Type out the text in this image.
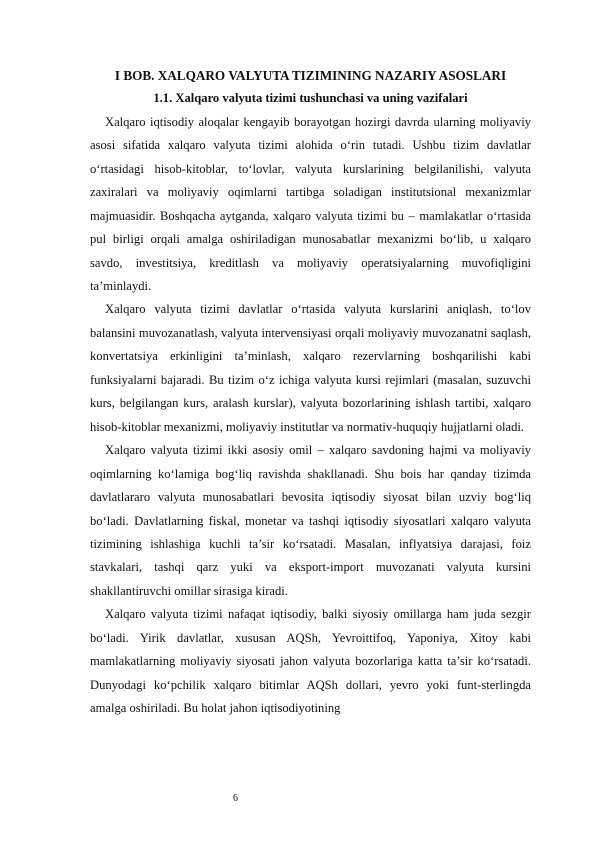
I BOB. XALQARO VALYUTA TIZIMINING NAZARIY ASOSLARI

1.1. Xalqaro valyuta tizimi tushunchasi va uning vazifalari

Xalqaro iqtisodiy aloqalar kengayib borayotgan hozirgi davrda ularning moliyaviy asosi sifatida xalqaro valyuta tizimi alohida o‘rin tutadi. Ushbu tizim davlatlar o‘rtasidagi hisob-kitoblar, to‘lovlar, valyuta kurslarining belgilanilishi, valyuta zaxiralari va moliyaviy oqimlarni tartibga soladigan institutsional mexanizmlar majmuasidir. Boshqacha aytganda, xalqaro valyuta tizimi bu – mamlakatlar o‘rtasida pul birligi orqali amalga oshiriladigan munosabatlar mexanizmi bo‘lib, u xalqaro savdo, investitsiya, kreditlash va moliyaviy operatsiyalarning muvofiqligini ta’minlaydi.

Xalqaro valyuta tizimi davlatlar o‘rtasida valyuta kurslarini aniqlash, to‘lov balansini muvozanatlash, valyuta intervensiyasi orqali moliyaviy muvozanatni saqlash, konvertatsiya erkinligini ta’minlash, xalqaro rezervlarning boshqarilishi kabi funksiyalarni bajaradi. Bu tizim o‘z ichiga valyuta kursi rejimlari (masalan, suzuvchi kurs, belgilangan kurs, aralash kurslar), valyuta bozorlarining ishlash tartibi, xalqaro hisob-kitoblar mexanizmi, moliyaviy institutlar va normativ-huquqiy hujjatlarni oladi.

Xalqaro valyuta tizimi ikki asosiy omil – xalqaro savdoning hajmi va moliyaviy oqimlarning ko‘lamiga bog‘liq ravishda shakllanadi. Shu bois har qanday tizimda davlatlararo valyuta munosabatlari bevosita iqtisodiy siyosat bilan uzviy bog‘liq bo‘ladi. Davlatlarning fiskal, monetar va tashqi iqtisodiy siyosatlari xalqaro valyuta tizimining ishlashiga kuchli ta’sir ko‘rsatadi. Masalan, inflyatsiya darajasi, foiz stavkalari, tashqi qarz yuki va eksport-import muvozanati valyuta kursini shakllantiruvchi omillar sirasiga kiradi.

Xalqaro valyuta tizimi nafaqat iqtisodiy, balki siyosiy omillarga ham juda sezgir bo‘ladi. Yirik davlatlar, xususan AQSh, Yevroittifoq, Yaponiya, Xitoy kabi mamlakatlarning moliyaviy siyosati jahon valyuta bozorlariga katta ta’sir ko‘rsatadi. Dunyodagi ko‘pchilik xalqaro bitimlar AQSh dollari, yevro yoki funt-sterlingda amalga oshiriladi. Bu holat jahon iqtisodiyotining

6
